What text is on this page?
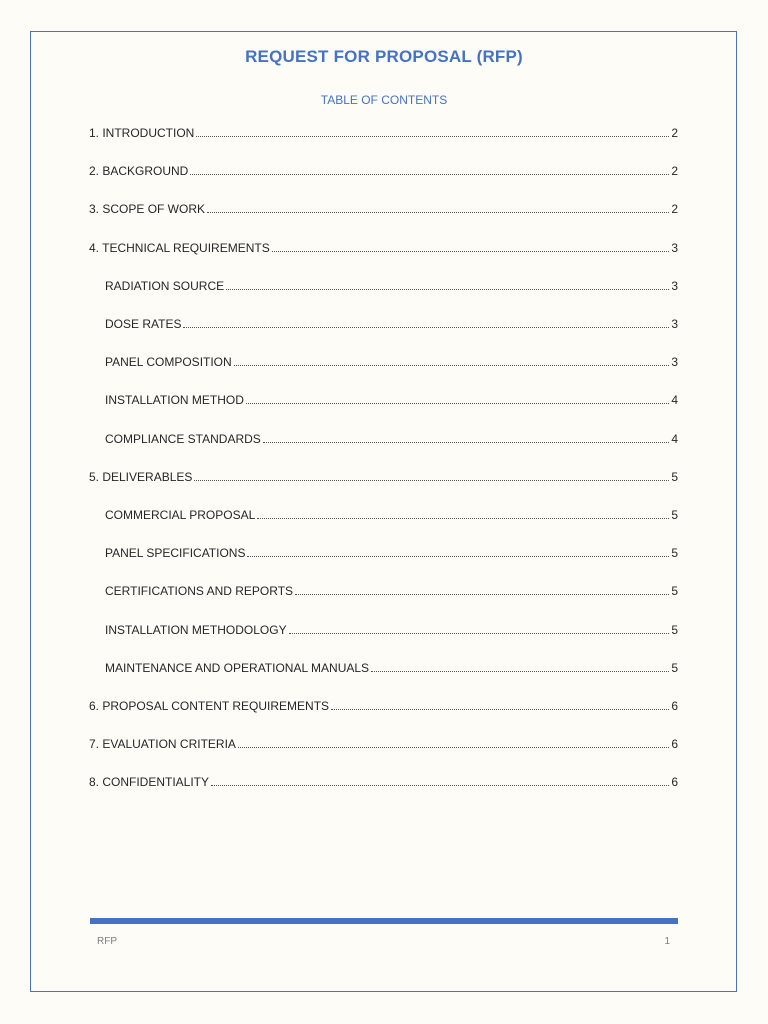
REQUEST FOR PROPOSAL (RFP)
TABLE OF CONTENTS
1. INTRODUCTION	2
2. BACKGROUND	2
3. SCOPE OF WORK	2
4. TECHNICAL REQUIREMENTS	3
RADIATION SOURCE	3
DOSE RATES	3
PANEL COMPOSITION	3
INSTALLATION METHOD	4
COMPLIANCE STANDARDS	4
5. DELIVERABLES	5
COMMERCIAL PROPOSAL	5
PANEL SPECIFICATIONS	5
CERTIFICATIONS AND REPORTS	5
INSTALLATION METHODOLOGY	5
MAINTENANCE AND OPERATIONAL MANUALS	5
6. PROPOSAL CONTENT REQUIREMENTS	6
7. EVALUATION CRITERIA	6
8. CONFIDENTIALITY	6
RFP	1
